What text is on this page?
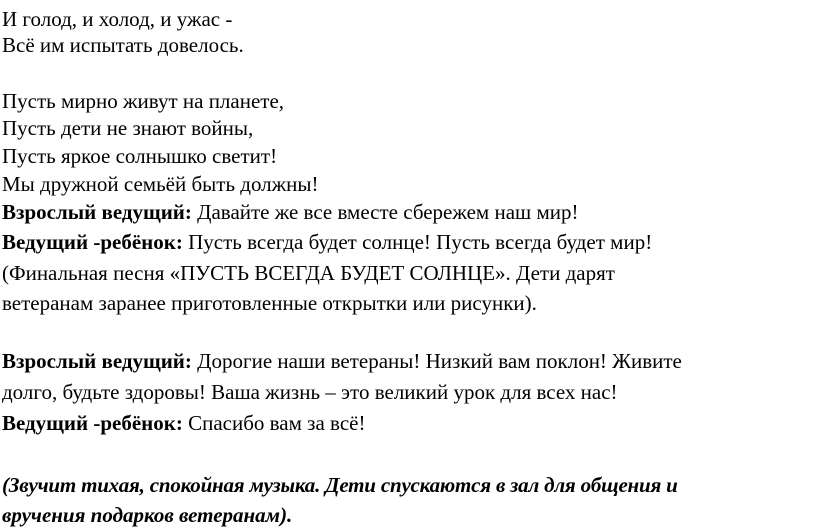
И голод, и холод, и ужас -
Всё им испытать довелось.
Пусть мирно живут на планете,
Пусть дети не знают войны,
Пусть яркое солнышко светит!
Мы дружной семьёй быть должны!
Взрослый ведущий: Давайте же все вместе сбережем наш мир!
Ведущий -ребёнок: Пусть всегда будет солнце! Пусть всегда будет мир!
(Финальная песня «ПУСТЬ ВСЕГДА БУДЕТ СОЛНЦЕ». Дети дарят
ветеранам заранее приготовленные открытки или рисунки).
Взрослый ведущий: Дорогие наши ветераны! Низкий вам поклон! Живите
долго, будьте здоровы! Ваша жизнь – это великий урок для всех нас!
Ведущий -ребёнок: Спасибо вам за всё!
(Звучит тихая, спокойная музыка. Дети спускаются в зал для общения и
вручения подарков ветеранам).
